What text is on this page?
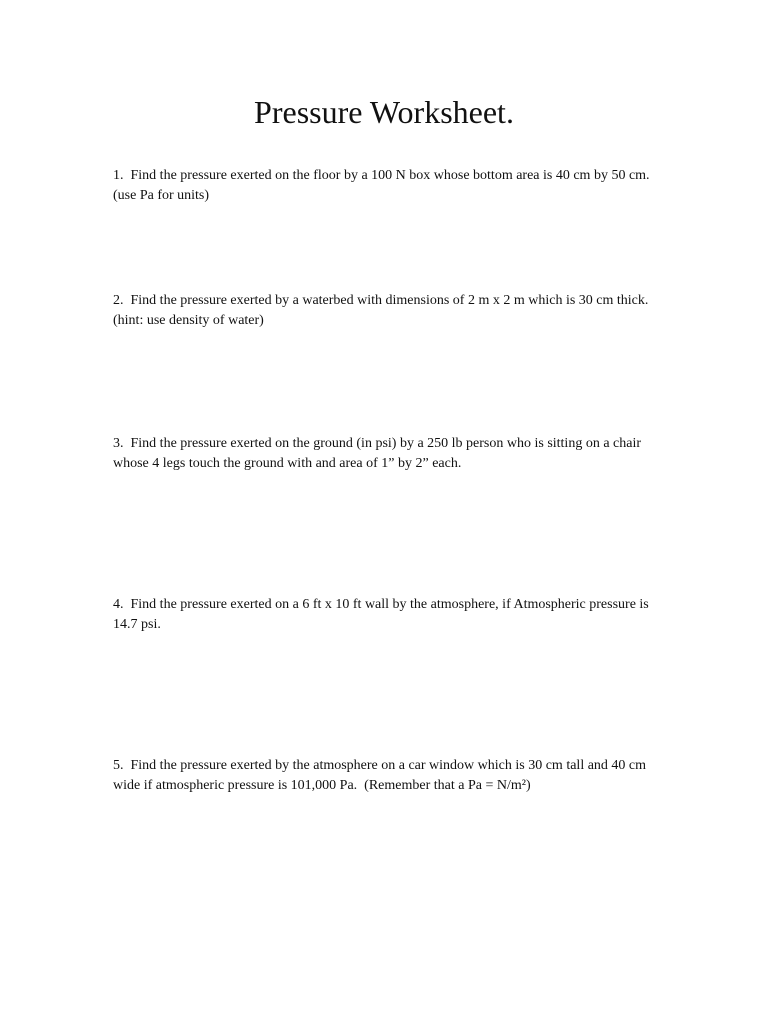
Pressure Worksheet.

1.  Find the pressure exerted on the floor by a 100 N box whose bottom area is 40 cm by 50 cm.  (use Pa for units)

2.  Find the pressure exerted by a waterbed with dimensions of 2 m x 2 m which is 30 cm thick.  (hint: use density of water)

3.  Find the pressure exerted on the ground (in psi) by a 250 lb person who is sitting on a chair whose 4 legs touch the ground with and area of 1” by 2” each.

4.  Find the pressure exerted on a 6 ft x 10 ft wall by the atmosphere, if Atmospheric pressure is 14.7 psi.

5.  Find the pressure exerted by the atmosphere on a car window which is 30 cm tall and 40 cm wide if atmospheric pressure is 101,000 Pa.  (Remember that a Pa = N/m²)
